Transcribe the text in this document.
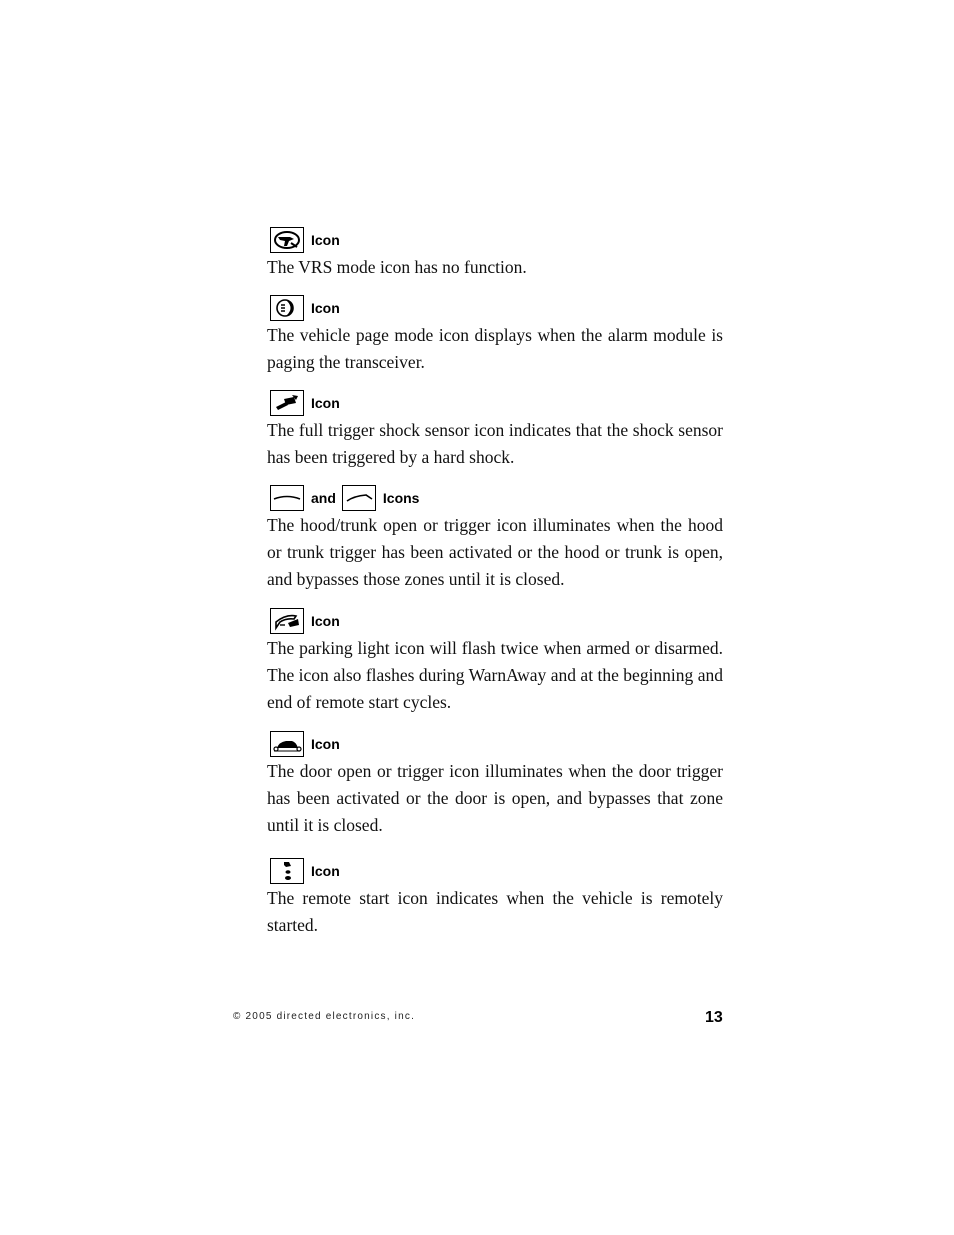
Icon

The VRS mode icon has no function.

Icon

The vehicle page mode icon displays when the alarm module is paging the transceiver.

Icon

The full trigger shock sensor icon indicates that the shock sensor has been triggered by a hard shock.

and	Icons

The hood/trunk open or trigger icon illuminates when the hood or trunk trigger has been activated or the hood or trunk is open, and bypasses those zones until it is closed.

Icon

The parking light icon will flash twice when armed or disarmed. The icon also flashes during WarnAway and at the beginning and end of remote start cycles.

Icon

The door open or trigger icon illuminates when the door trigger has been activated or the door is open, and bypasses that zone until it is closed.

Icon

The remote start icon indicates when the vehicle is remotely started.

© 2005 directed electronics, inc.	13
